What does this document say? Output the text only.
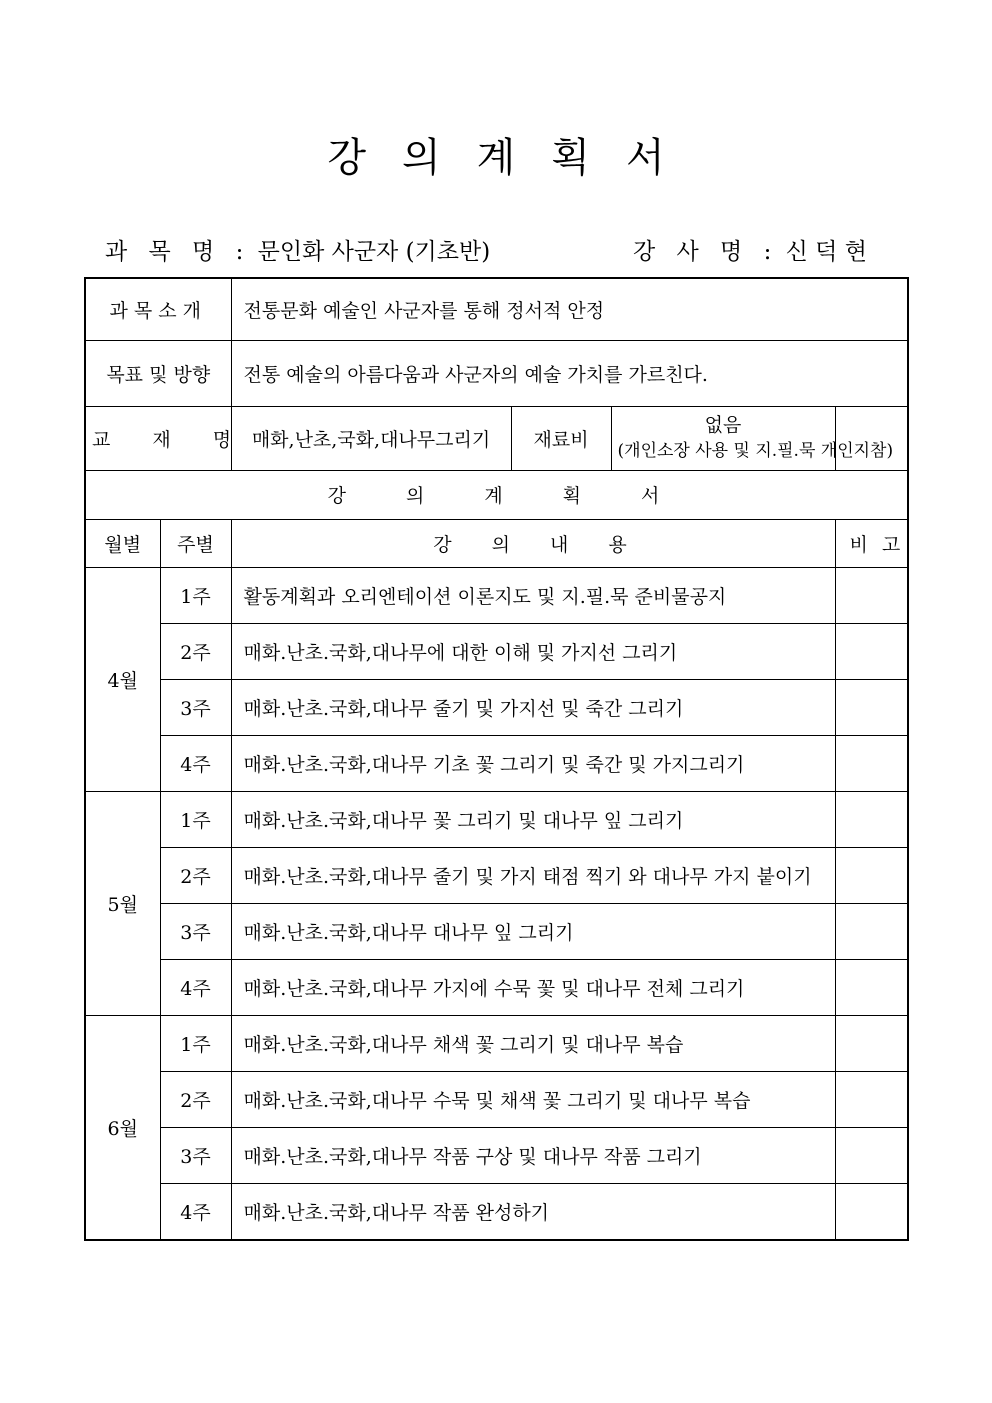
강의계획서
과 목 명 : 문인화 사군자 (기초반)	강 사 명 : 신 덕 현
과목소개		전통문화 예술인 사군자를 통해 정서적 안정			
목표 및 방향		전통 예술의 아름다움과 사군자의 예술 가치를 가르친다.			
교 재 명		매화,난초,국화,대나무그리기	재료비	없음
(개인소장 사용 및 지.필.묵 개인지참)	

강의계획서					
월별	주별	강의내용			비고
4월	1주	활동계획과 오리엔테이션 이론지도 및 지.필.묵 준비물공지			
	2주	매화.난초.국화,대나무에 대한 이해 및 가지선 그리기			
	3주	매화.난초.국화,대나무 줄기 및 가지선 및 죽간 그리기			
	4주	매화.난초.국화,대나무 기초 꽃 그리기 및 죽간 및 가지그리기			
5월	1주	매화.난초.국화,대나무 꽃 그리기 및 대나무 잎 그리기			
	2주	매화.난초.국화,대나무 줄기 및 가지 태점 찍기 와 대나무 가지 붙이기			
	3주	매화.난초.국화,대나무 대나무 잎 그리기			
	4주	매화.난초.국화,대나무 가지에 수묵 꽃 및 대나무 전체 그리기			
6월	1주	매화.난초.국화,대나무 채색 꽃 그리기 및 대나무 복습			
	2주	매화.난초.국화,대나무 수묵 및 채색 꽃 그리기 및 대나무 복습			
	3주	매화.난초.국화,대나무 작품 구상 및 대나무 작품 그리기			
	4주	매화.난초.국화,대나무 작품 완성하기			
